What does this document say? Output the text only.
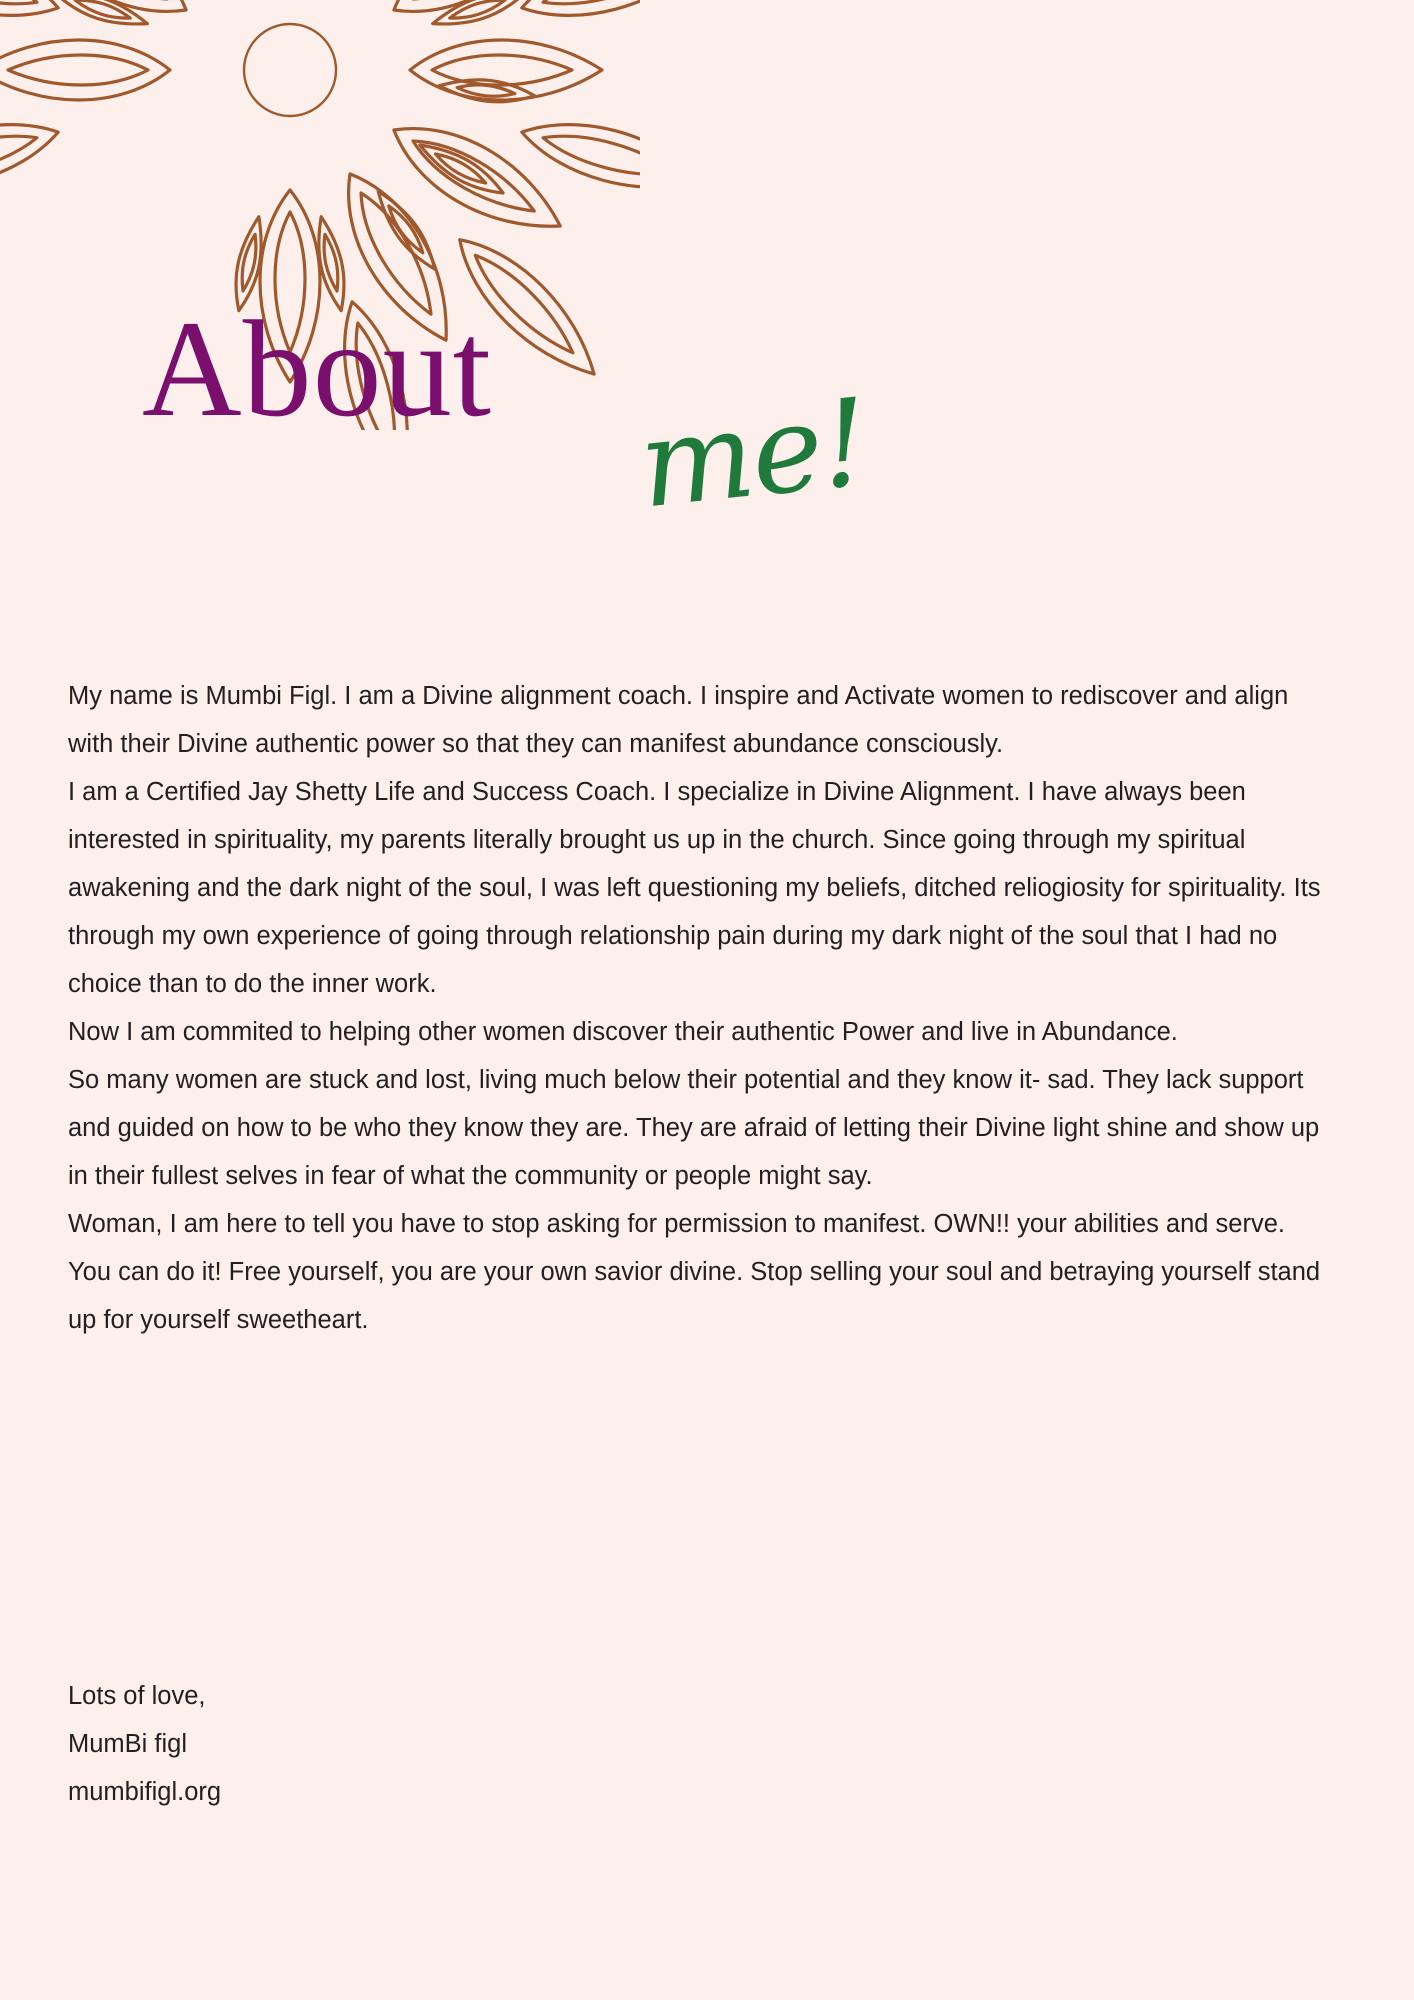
About
me!

My name is Mumbi Figl. I am a Divine alignment coach. I inspire and Activate women to rediscover and align with their Divine authentic power so that they can manifest abundance consciously.

I am a Certified Jay Shetty Life and Success Coach. I specialize in Divine Alignment. I have always been interested in spirituality, my parents literally brought us up in the church. Since going through my spiritual awakening and the dark night of the soul, I was left questioning my beliefs, ditched reliogiosity for spirituality. Its through my own experience of going through relationship pain during my dark night of the soul that I had no choice than to do the inner work.

Now I am commited to helping other women discover their authentic Power and live in Abundance.

So many women are stuck and lost, living much below their potential and they know it- sad. They lack support and guided on how to be who they know they are. They are afraid of letting their Divine light shine and show up in their fullest selves in fear of what the community or people might say.

Woman, I am here to tell you have to stop asking for permission to manifest. OWN!! your abilities and serve. You can do it! Free yourself, you are your own savior divine. Stop selling your soul and betraying yourself stand up for yourself sweetheart.

Lots of love,
MumBi figl
mumbifigl.org
